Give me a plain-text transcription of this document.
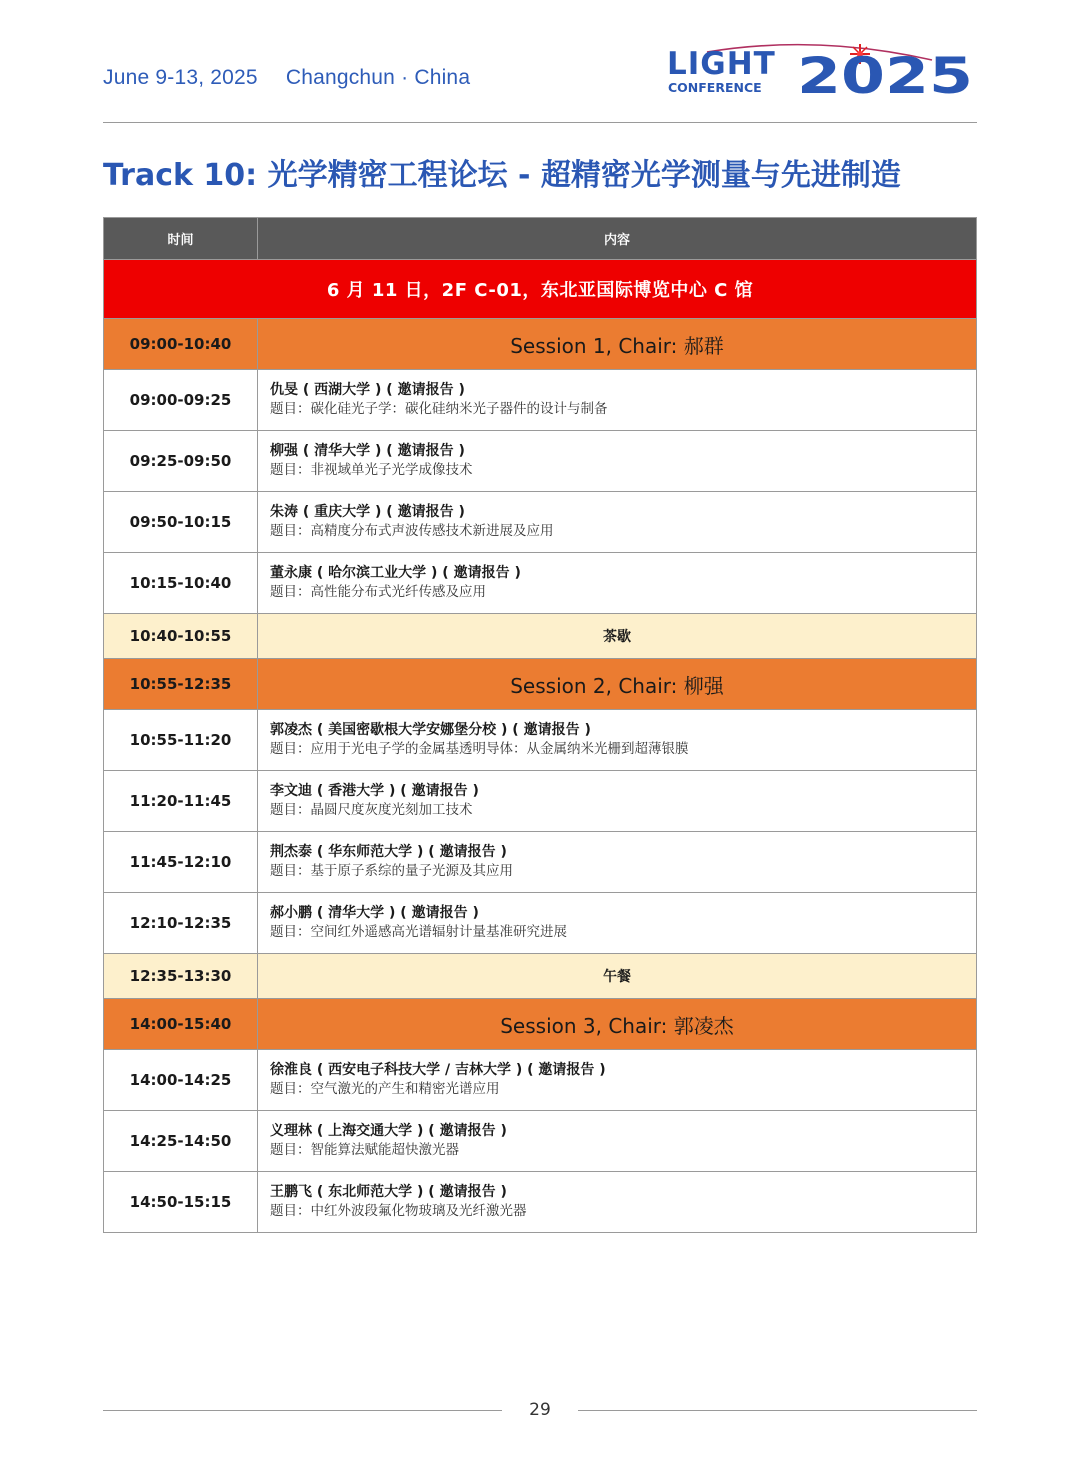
June 9-13, 2025 Changchun · China	LIGHT
CONFERENCE 2025
Track 10: 光学精密工程论坛 - 超精密光学测量与先进制造
时间	内容
6 月 11 日，2F C-01，东北亚国际博览中心 C 馆	
09:00-10:40	Session 1, Chair: 郝群
09:00-09:25	仇旻 ( 西湖大学 ) ( 邀请报告 )
题目：碳化硅光子学：碳化硅纳米光子器件的设计与制备

09:25-09:50	柳强 ( 清华大学 ) ( 邀请报告 )
题目：非视域单光子光学成像技术

09:50-10:15	朱涛 ( 重庆大学 ) ( 邀请报告 )
题目：高精度分布式声波传感技术新进展及应用

10:15-10:40	董永康 ( 哈尔滨工业大学 ) ( 邀请报告 )
题目：高性能分布式光纤传感及应用

10:40-10:55	茶歇
10:55-12:35	Session 2, Chair: 柳强
10:55-11:20	郭凌杰 ( 美国密歇根大学安娜堡分校 ) ( 邀请报告 )
题目：应用于光电子学的金属基透明导体：从金属纳米光栅到超薄银膜

11:20-11:45	李文迪 ( 香港大学 ) ( 邀请报告 )
题目：晶圆尺度灰度光刻加工技术

11:45-12:10	荆杰泰 ( 华东师范大学 ) ( 邀请报告 )
题目：基于原子系综的量子光源及其应用

12:10-12:35	郝小鹏 ( 清华大学 ) ( 邀请报告 )
题目：空间红外遥感高光谱辐射计量基准研究进展

12:35-13:30	午餐
14:00-15:40	Session 3, Chair: 郭凌杰
14:00-14:25	徐淮良 ( 西安电子科技大学 / 吉林大学 ) ( 邀请报告 )
题目：空气激光的产生和精密光谱应用

14:25-14:50	义理林 ( 上海交通大学 ) ( 邀请报告 )
题目：智能算法赋能超快激光器

14:50-15:15	王鹏飞 ( 东北师范大学 ) ( 邀请报告 )
题目：中红外波段氟化物玻璃及光纤激光器
29
